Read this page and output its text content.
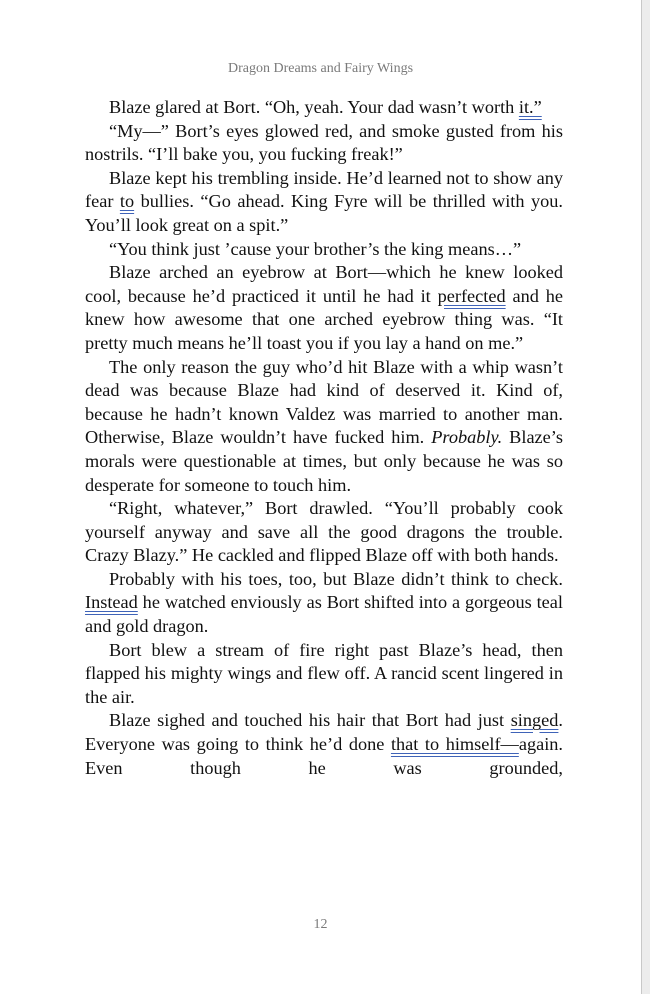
Dragon Dreams and Fairy Wings

Blaze glared at Bort. “Oh, yeah. Your dad wasn’t worth it.”

“My—” Bort’s eyes glowed red, and smoke gusted from his nostrils. “I’ll bake you, you fucking freak!”

Blaze kept his trembling inside. He’d learned not to show any fear to bullies. “Go ahead. King Fyre will be thrilled with you. You’ll look great on a spit.”

“You think just ’cause your brother’s the king means…”

Blaze arched an eyebrow at Bort—which he knew looked cool, because he’d practiced it until he had it perfected and he knew how awesome that one arched eyebrow thing was. “It pretty much means he’ll toast you if you lay a hand on me.”

The only reason the guy who’d hit Blaze with a whip wasn’t dead was because Blaze had kind of deserved it. Kind of, because he hadn’t known Valdez was married to another man. Otherwise, Blaze wouldn’t have fucked him. Probably. Blaze’s morals were questionable at times, but only because he was so desperate for someone to touch him.

“Right, whatever,” Bort drawled. “You’ll probably cook yourself anyway and save all the good dragons the trouble. Crazy Blazy.” He cackled and flipped Blaze off with both hands.

Probably with his toes, too, but Blaze didn’t think to check. Instead he watched enviously as Bort shifted into a gorgeous teal and gold dragon.

Bort blew a stream of fire right past Blaze’s head, then flapped his mighty wings and flew off. A rancid scent lingered in the air.

Blaze sighed and touched his hair that Bort had just singed. Everyone was going to think he’d done that to himself—again. Even though he was grounded,

12
